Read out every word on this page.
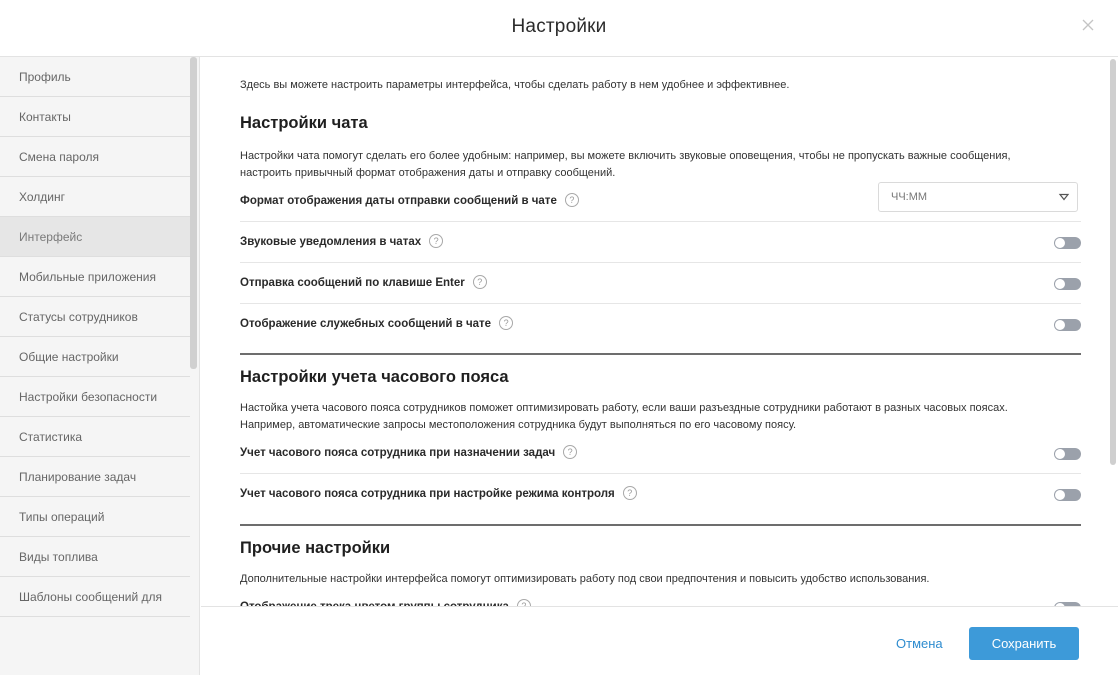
Настройки
Профиль
Контакты
Смена пароля
Холдинг
Интерфейс
Мобильные приложения
Статусы сотрудников
Общие настройки
Настройки безопасности
Статистика
Планирование задач
Типы операций
Виды топлива
Шаблоны сообщений для
Здесь вы можете настроить параметры интерфейса, чтобы сделать работу в нем удобнее и эффективнее.
Настройки чата
Настройки чата помогут сделать его более удобным: например, вы можете включить звуковые оповещения, чтобы не пропускать важные сообщения, настроить привычный формат отображения даты и отправку сообщений.
Формат отображения даты отправки сообщений в чате ?	ЧЧ:ММ
Звуковые уведомления в чатах ?
Отправка сообщений по клавише Enter ?
Отображение служебных сообщений в чате ?
Настройки учета часового пояса
Настойка учета часового пояса сотрудников поможет оптимизировать работу, если ваши разъездные сотрудники работают в разных часовых поясах. Например, автоматические запросы местоположения сотрудника будут выполняться по его часовому поясу.
Учет часового пояса сотрудника при назначении задач ?
Учет часового пояса сотрудника при настройке режима контроля ?
Прочие настройки
Дополнительные настройки интерфейса помогут оптимизировать работу под свои предпочтения и повысить удобство использования.
Отмена	Сохранить
